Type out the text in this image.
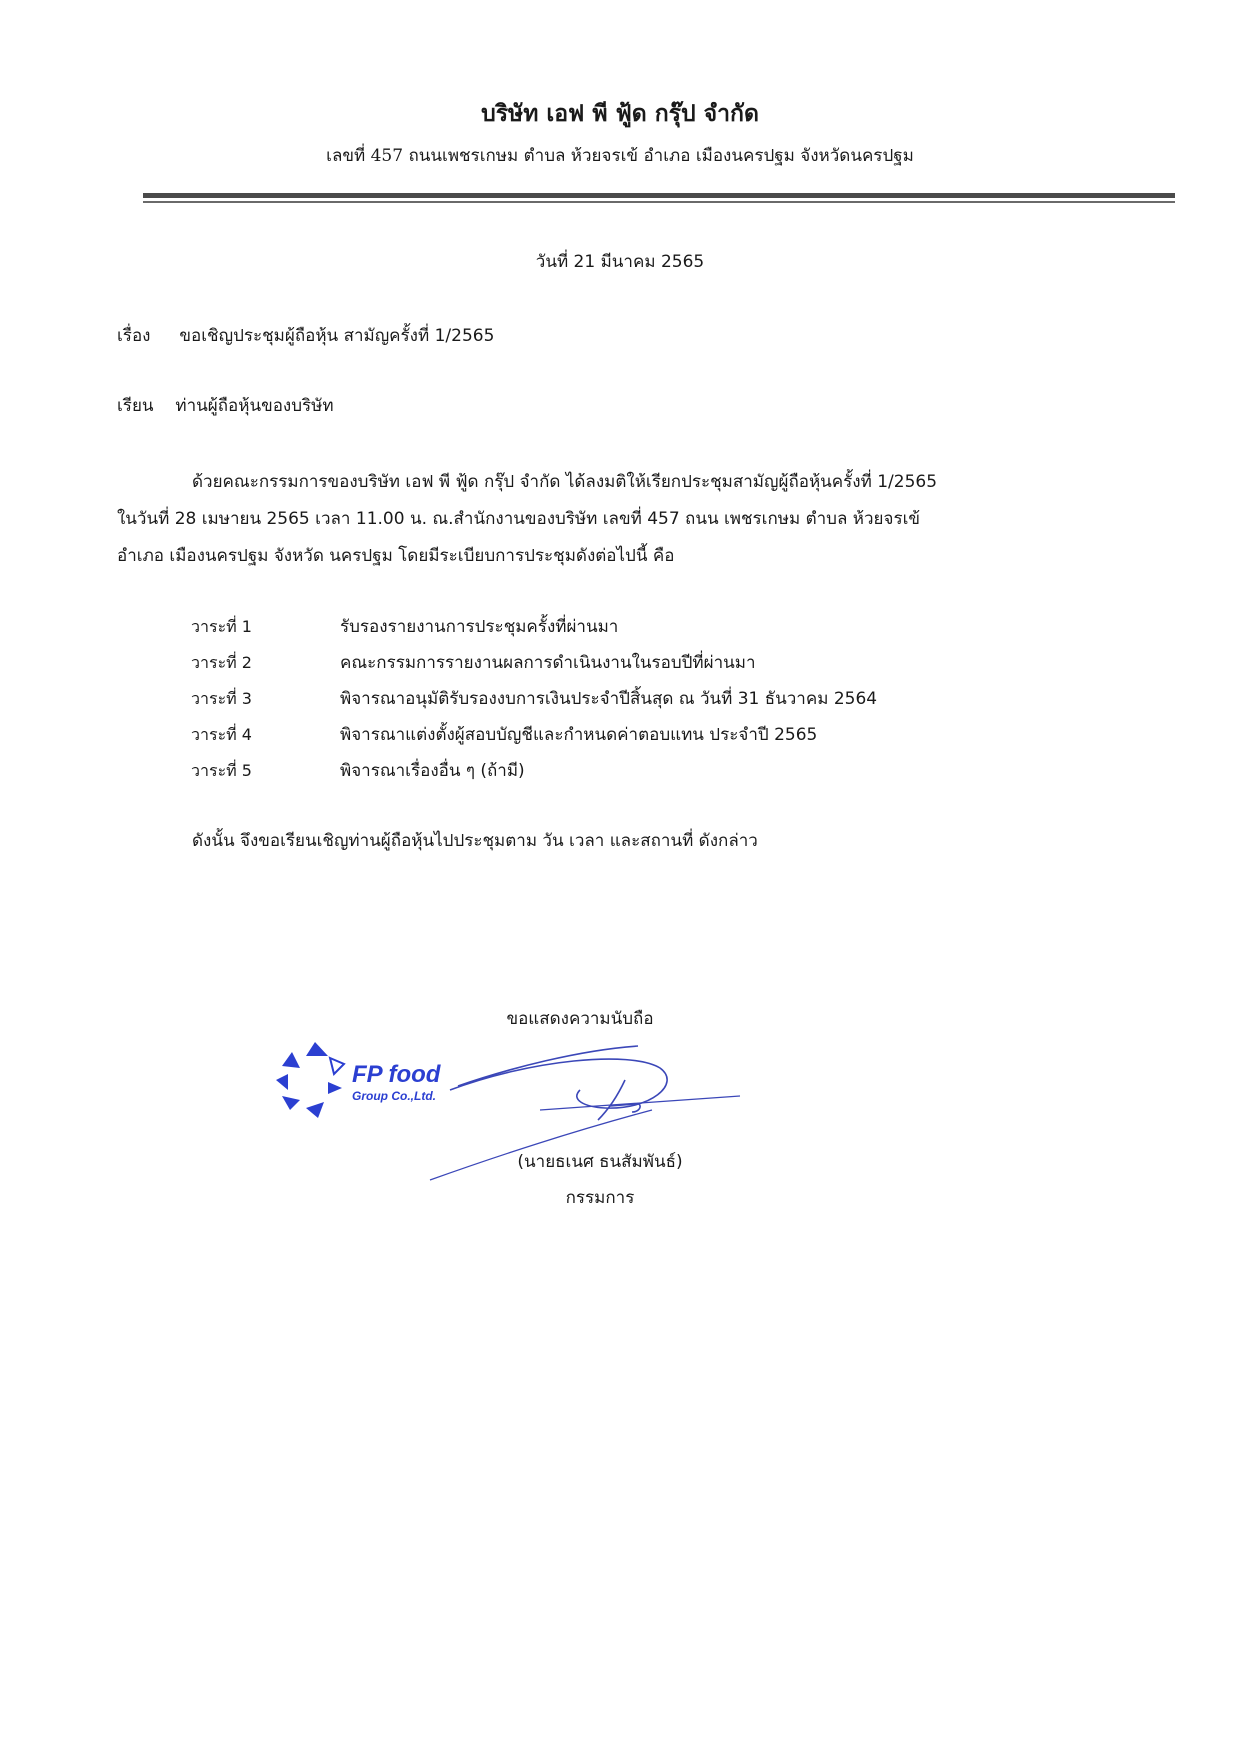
บริษัท เอฟ พี ฟู้ด กรุ๊ป จำกัด
เลขที่ 457 ถนนเพชรเกษม ตำบล ห้วยจรเข้ อำเภอ เมืองนครปฐม จังหวัดนครปฐม
วันที่ 21 มีนาคม 2565
เรื่อง ขอเชิญประชุมผู้ถือหุ้น สามัญครั้งที่ 1/2565
เรียน ท่านผู้ถือหุ้นของบริษัท
ด้วยคณะกรรมการของบริษัท เอฟ พี ฟู้ด กรุ๊ป จำกัด ได้ลงมติให้เรียกประชุมสามัญผู้ถือหุ้นครั้งที่ 1/2565
ในวันที่ 28 เมษายน 2565 เวลา 11.00 น. ณ.สำนักงานของบริษัท เลขที่ 457 ถนน เพชรเกษม ตำบล ห้วยจรเข้
อำเภอ เมืองนครปฐม จังหวัด นครปฐม โดยมีระเบียบการประชุมดังต่อไปนี้ คือ
วาระที่ 1	รับรองรายงานการประชุมครั้งที่ผ่านมา
วาระที่ 2	คณะกรรมการรายงานผลการดำเนินงานในรอบปีที่ผ่านมา
วาระที่ 3	พิจารณาอนุมัติรับรองงบการเงินประจำปีสิ้นสุด ณ วันที่ 31 ธันวาคม 2564
วาระที่ 4	พิจารณาแต่งตั้งผู้สอบบัญชีและกำหนดค่าตอบแทน ประจำปี 2565
วาระที่ 5	พิจารณาเรื่องอื่น ๆ (ถ้ามี)
ดังนั้น จึงขอเรียนเชิญท่านผู้ถือหุ้นไปประชุมตาม วัน เวลา และสถานที่ ดังกล่าว
ขอแสดงความนับถือ
FP food
Group Co.,Ltd.
(นายธเนศ ธนสัมพันธ์)
กรรมการ
